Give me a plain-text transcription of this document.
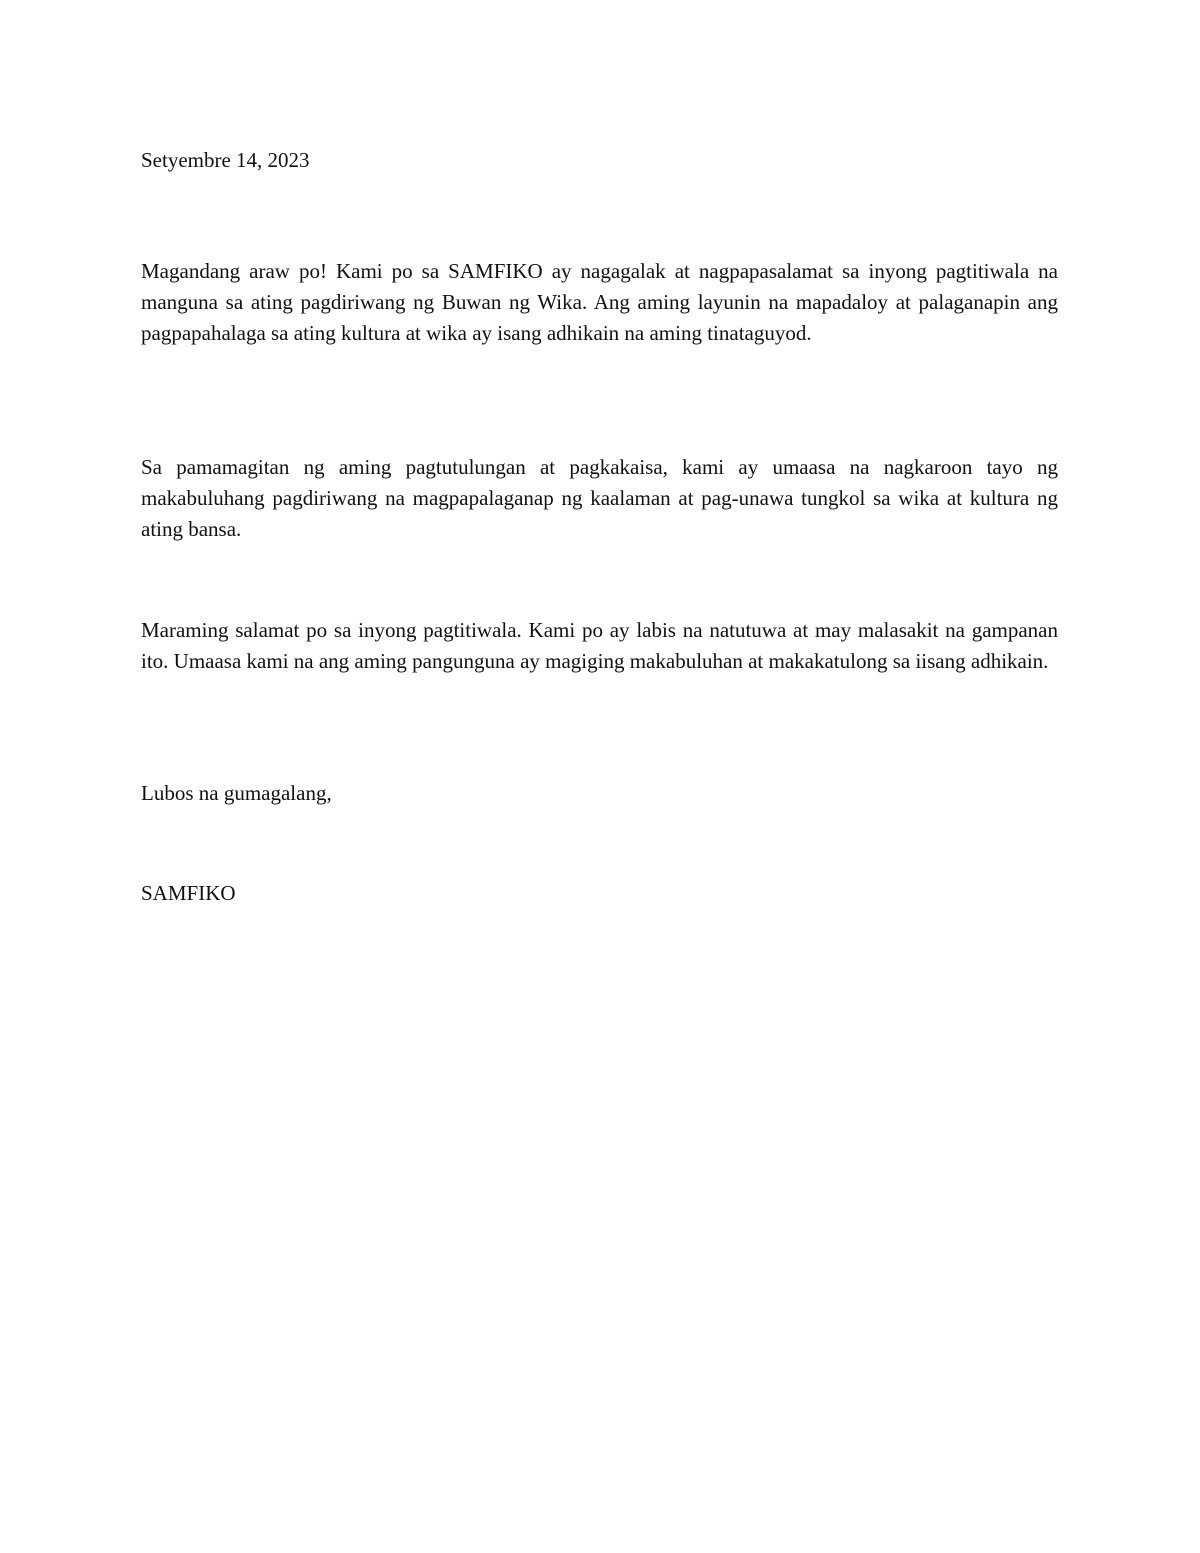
Setyembre 14, 2023

Magandang araw po! Kami po sa SAMFIKO ay nagagalak at nagpapasalamat sa inyong pagtitiwala na manguna sa ating pagdiriwang ng Buwan ng Wika. Ang aming layunin na mapadaloy at palaganapin ang pagpapahalaga sa ating kultura at wika ay isang adhikain na aming tinataguyod.

Sa pamamagitan ng aming pagtutulungan at pagkakaisa, kami ay umaasa na nagkaroon tayo ng makabuluhang pagdiriwang na magpapalaganap ng kaalaman at pag-unawa tungkol sa wika at kultura ng ating bansa.

Maraming salamat po sa inyong pagtitiwala. Kami po ay labis na natutuwa at may malasakit na gampanan ito. Umaasa kami na ang aming pangunguna ay magiging makabuluhan at makakatulong sa iisang adhikain.

Lubos na gumagalang,

SAMFIKO
